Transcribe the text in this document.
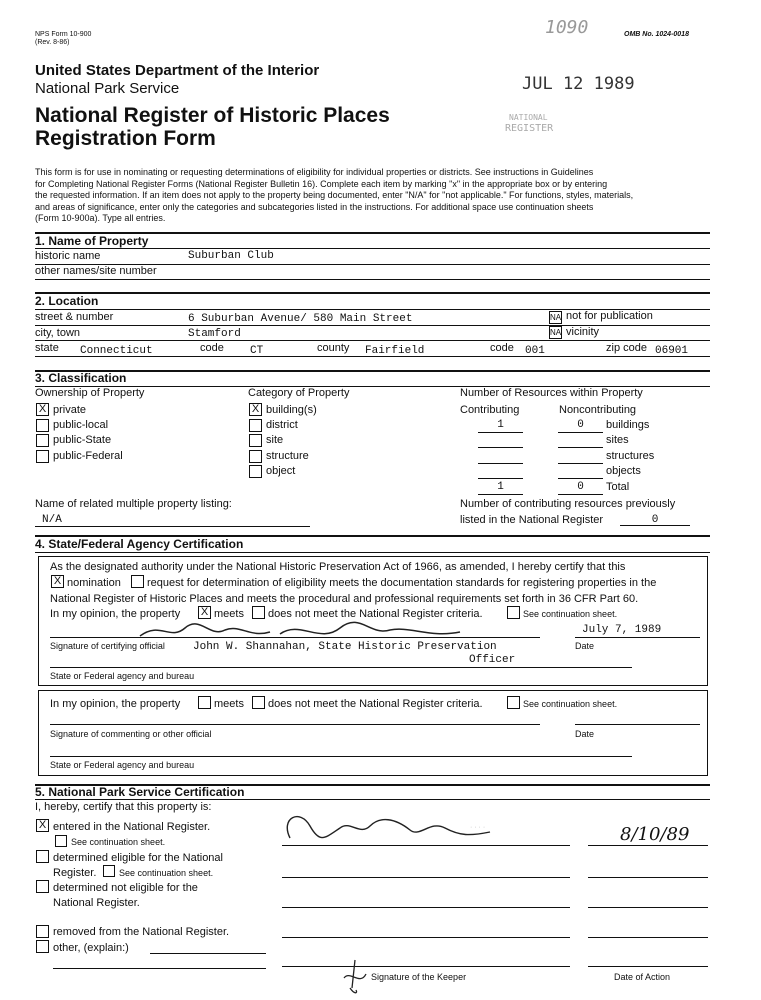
NPS Form 10-900
(Rev. 8-86)
OMB No. 1024-0018
1090
JUL 12 1989
NATIONAL
REGISTER
United States Department of the Interior
National Park Service
National Register of Historic Places
Registration Form
This form is for use in nominating or requesting determinations of eligibility for individual properties or districts. See instructions in Guidelines
for Completing National Register Forms (National Register Bulletin 16). Complete each item by marking "x" in the appropriate box or by entering
the requested information. If an item does not apply to the property being documented, enter "N/A" for "not applicable." For functions, styles, materials,
and areas of significance, enter only the categories and subcategories listed in the instructions. For additional space use continuation sheets
(Form 10-900a). Type all entries.
1. Name of Property
historic name	Suburban Club
other names/site number
2. Location
street & number	6 Suburban Avenue/ 580 Main Street	NA not for publication
city, town	Stamford	NA vicinity
state Connecticut	code CT	county Fairfield	code 001	zip code 06901
3. Classification
Ownership of Property
X private
public-local
public-State
public-Federal
Category of Property
X building(s)
district
site
structure
object
Number of Resources within Property
Contributing	Noncontributing
1	0	buildings
sites
structures
objects
1	0	Total
Name of related multiple property listing:
N/A
Number of contributing resources previously
listed in the National Register	0
4. State/Federal Agency Certification
As the designated authority under the National Historic Preservation Act of 1966, as amended, I hereby certify that this
X nomination request for determination of eligibility meets the documentation standards for registering properties in the
National Register of Historic Places and meets the procedural and professional requirements set forth in 36 CFR Part 60.
In my opinion, the property X meets does not meet the National Register criteria.	See continuation sheet.
July 7, 1989
Signature of certifying official	John W. Shannahan, State Historic Preservation
Officer
Date
State or Federal agency and bureau
In my opinion, the property	meets does not meet the National Register criteria.	See continuation sheet.
Signature of commenting or other official	Date
State or Federal agency and bureau
5. National Park Service Certification
I, hereby, certify that this property is:
X entered in the National Register.
See continuation sheet.
determined eligible for the National
Register.	See continuation sheet.
determined not eligible for the
National Register.
removed from the National Register.
other, (explain:)
· · · ·	8/10/89
Signature of the Keeper	Date of Action
